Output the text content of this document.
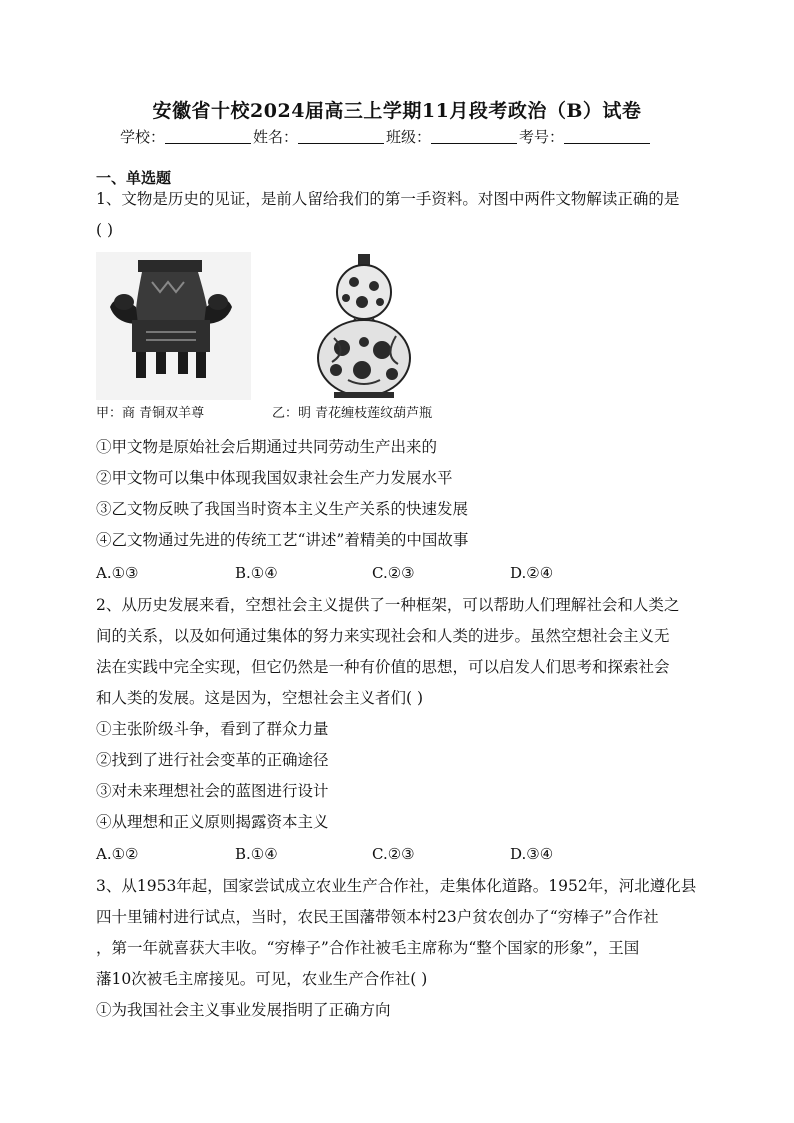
安徽省十校2024届高三上学期11月段考政治（B）试卷
学校：	姓名：	班级：	考号：
一、单选题
1、文物是历史的见证，是前人留给我们的第一手资料。对图中两件文物解读正确的是
( )
甲：商 青铜双羊尊	乙：明 青花缠枝莲纹葫芦瓶
①甲文物是原始社会后期通过共同劳动生产出来的
②甲文物可以集中体现我国奴隶社会生产力发展水平
③乙文物反映了我国当时资本主义生产关系的快速发展
④乙文物通过先进的传统工艺“讲述”着精美的中国故事
A.①③	B.①④	C.②③	D.②④
2、从历史发展来看，空想社会主义提供了一种框架，可以帮助人们理解社会和人类之
间的关系，以及如何通过集体的努力来实现社会和人类的进步。虽然空想社会主义无
法在实践中完全实现，但它仍然是一种有价值的思想，可以启发人们思考和探索社会
和人类的发展。这是因为，空想社会主义者们( )
①主张阶级斗争，看到了群众力量
②找到了进行社会变革的正确途径
③对未来理想社会的蓝图进行设计
④从理想和正义原则揭露资本主义
A.①②	B.①④	C.②③	D.③④
3、从1953年起，国家尝试成立农业生产合作社，走集体化道路。1952年，河北遵化县
四十里铺村进行试点，当时，农民王国藩带领本村23户贫农创办了“穷棒子”合作社
，第一年就喜获大丰收。“穷棒子”合作社被毛主席称为“整个国家的形象”，王国
藩10次被毛主席接见。可见，农业生产合作社( )
①为我国社会主义事业发展指明了正确方向
